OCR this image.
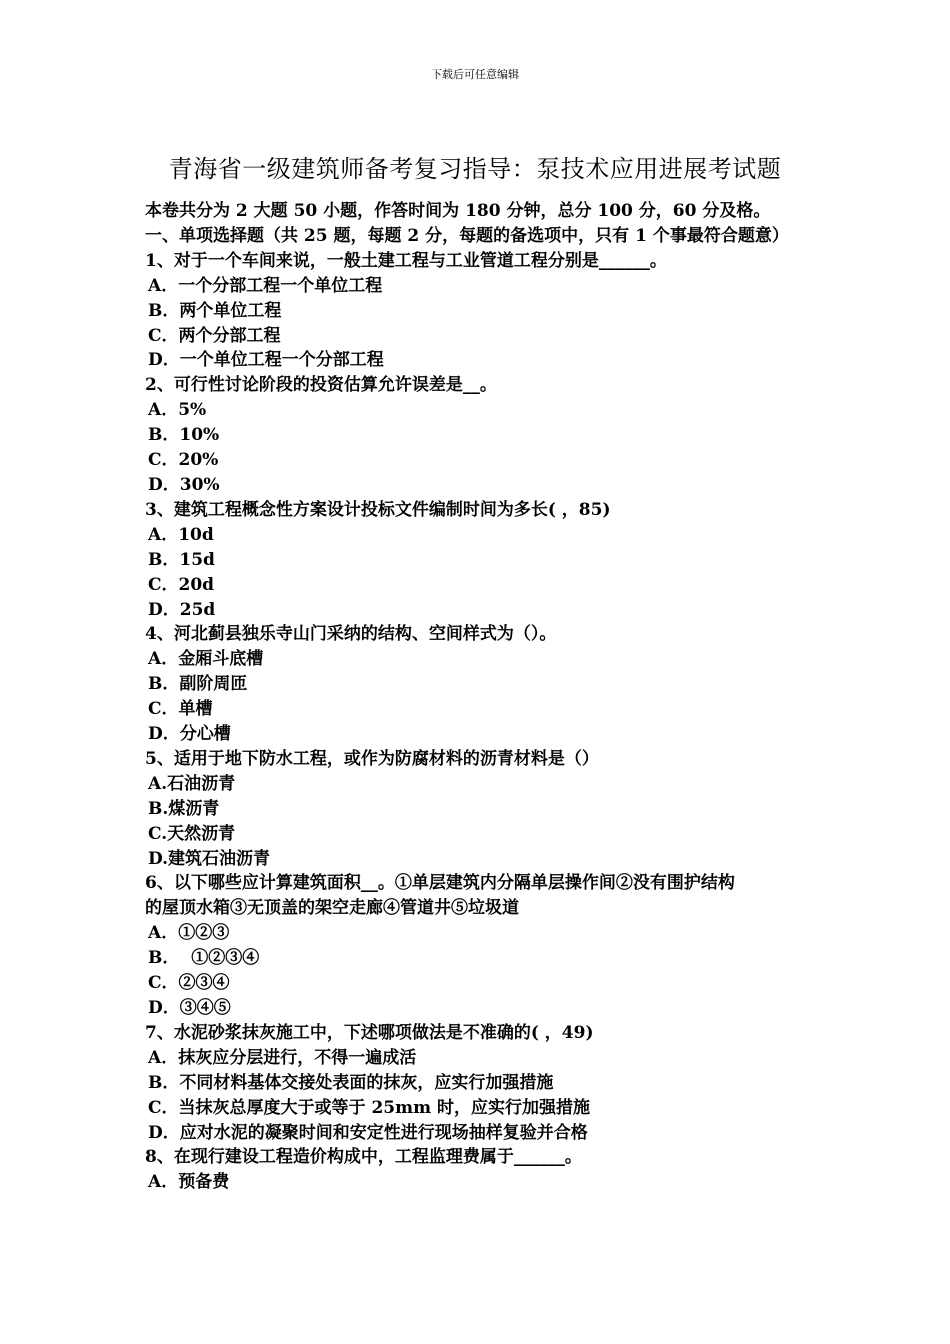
下载后可任意编辑
青海省一级建筑师备考复习指导：泵技术应用进展考试题
本卷共分为 2 大题 50 小题，作答时间为 180 分钟，总分 100 分，60 分及格。
一、单项选择题（共 25 题，每题 2 分，每题的备选项中，只有 1 个事最符合题意）
1、对于一个车间来说，一般土建工程与工业管道工程分别是______。
A．一个分部工程一个单位工程
B．两个单位工程
C．两个分部工程
D．一个单位工程一个分部工程
2、可行性讨论阶段的投资估算允许误差是__。
A．5%
B．10%
C．20%
D．30%
3、建筑工程概念性方案设计投标文件编制时间为多长( ，85)
A．10d
B．15d
C．20d
D．25d
4、河北蓟县独乐寺山门采纳的结构、空间样式为（）。
A．金厢斗底槽
B．副阶周匝
C．单槽
D．分心槽
5、适用于地下防水工程，或作为防腐材料的沥青材料是（）
A.石油沥青
B.煤沥青
C.天然沥青
D.建筑石油沥青
6、以下哪些应计算建筑面积__。①单层建筑内分隔单层操作间②没有围护结构
的屋顶水箱③无顶盖的架空走廊④管道井⑤垃圾道
A．①②③
B．  ①②③④
C．②③④
D．③④⑤
7、水泥砂浆抹灰施工中，下述哪项做法是不准确的( ，49)
A．抹灰应分层进行，不得一遍成活
B．不同材料基体交接处表面的抹灰，应实行加强措施
C．当抹灰总厚度大于或等于 25mm 时，应实行加强措施
D．应对水泥的凝聚时间和安定性进行现场抽样复验并合格
8、在现行建设工程造价构成中，工程监理费属于______。
A．预备费
